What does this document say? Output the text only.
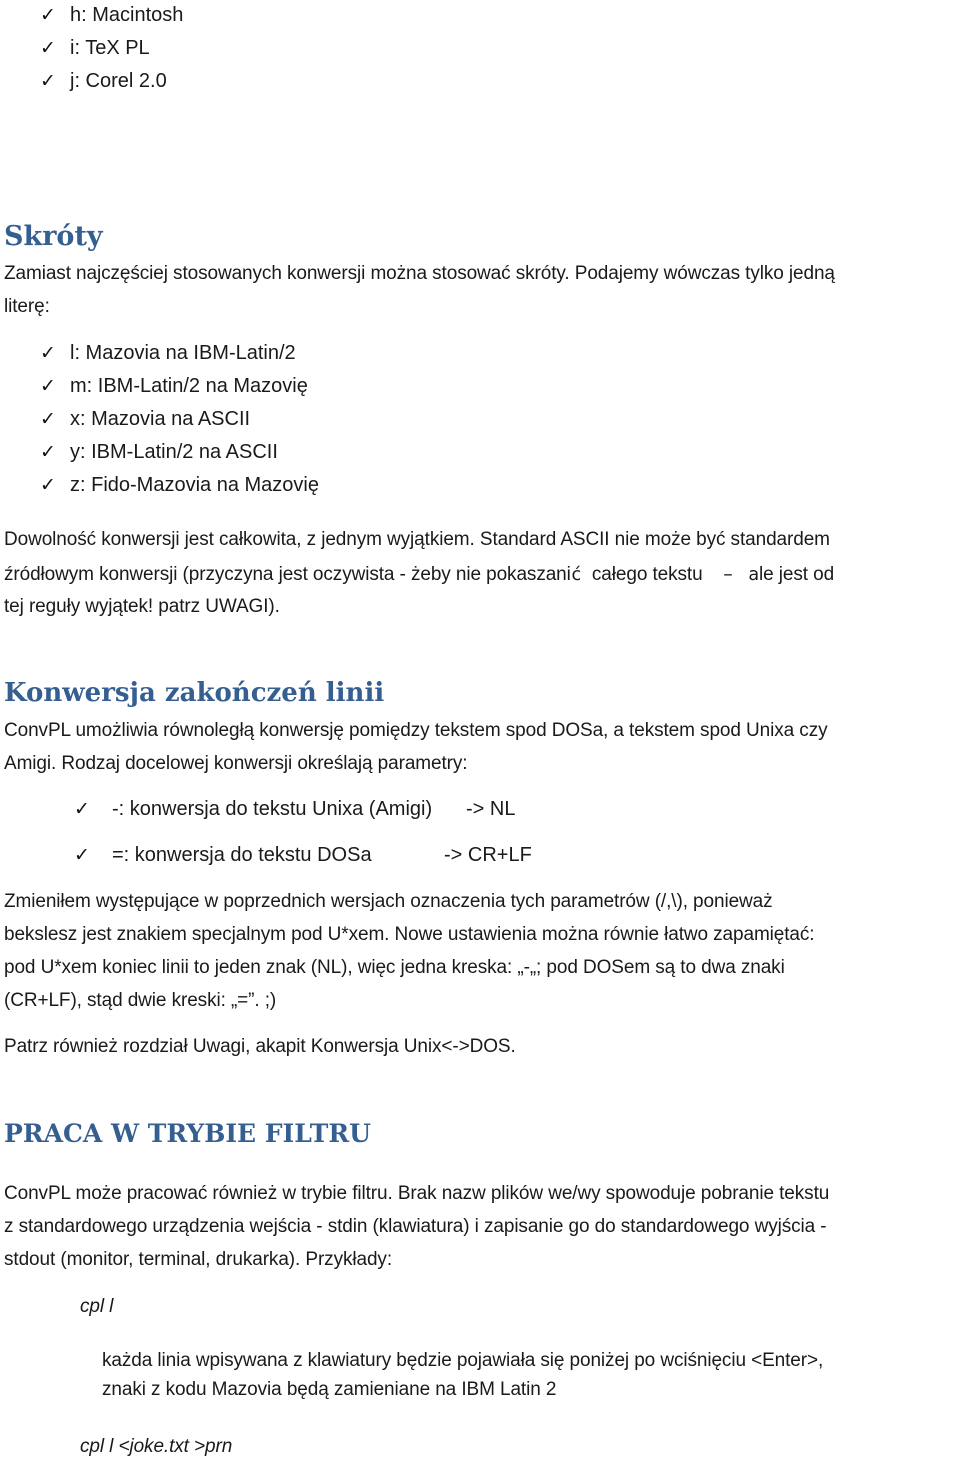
✓ h: Macintosh
✓ i: TeX PL
✓ j: Corel 2.0
Skróty
Zamiast najczęściej stosowanych konwersji można stosować skróty. Podajemy wówczas tylko jedną
literę:
✓ l: Mazovia na IBM-Latin/2
✓ m: IBM-Latin/2 na Mazovię
✓ x: Mazovia na ASCII
✓ y: IBM-Latin/2 na ASCII
✓ z: Fido-Mazovia na Mazovię
Dowolność konwersji jest całkowita, z jednym wyjątkiem. Standard ASCII nie może być standardem
źródłowym konwersji (przyczyna jest oczywista - żeby nie pokaszanić całego tekstu – ale jest od
tej reguły wyjątek! patrz UWAGI).
Konwersja zakończeń linii
ConvPL umożliwia równoległą konwersję pomiędzy tekstem spod DOSa, a tekstem spod Unixa czy
Amigi. Rodzaj docelowej konwersji określają parametry:
✓ -: konwersja do tekstu Unixa (Amigi) -> NL
✓ =: konwersja do tekstu DOSa	-> CR+LF
Zmieniłem występujące w poprzednich wersjach oznaczenia tych parametrów (/,\), ponieważ
bekslesz jest znakiem specjalnym pod U*xem. Nowe ustawienia można równie łatwo zapamiętać:
pod U*xem koniec linii to jeden znak (NL), więc jedna kreska: „-„; pod DOSem są to dwa znaki
(CR+LF), stąd dwie kreski: „=”. ;)
Patrz również rozdział Uwagi, akapit Konwersja Unix<->DOS.
PRACA W TRYBIE FILTRU
ConvPL może pracować również w trybie filtru. Brak nazw plików we/wy spowoduje pobranie tekstu
z standardowego urządzenia wejścia - stdin (klawiatura) i zapisanie go do standardowego wyjścia -
stdout (monitor, terminal, drukarka). Przykłady:
cpl l
każda linia wpisywana z klawiatury będzie pojawiała się poniżej po wciśnięciu <Enter>,
znaki z kodu Mazovia będą zamieniane na IBM Latin 2
cpl l <joke.txt >prn
